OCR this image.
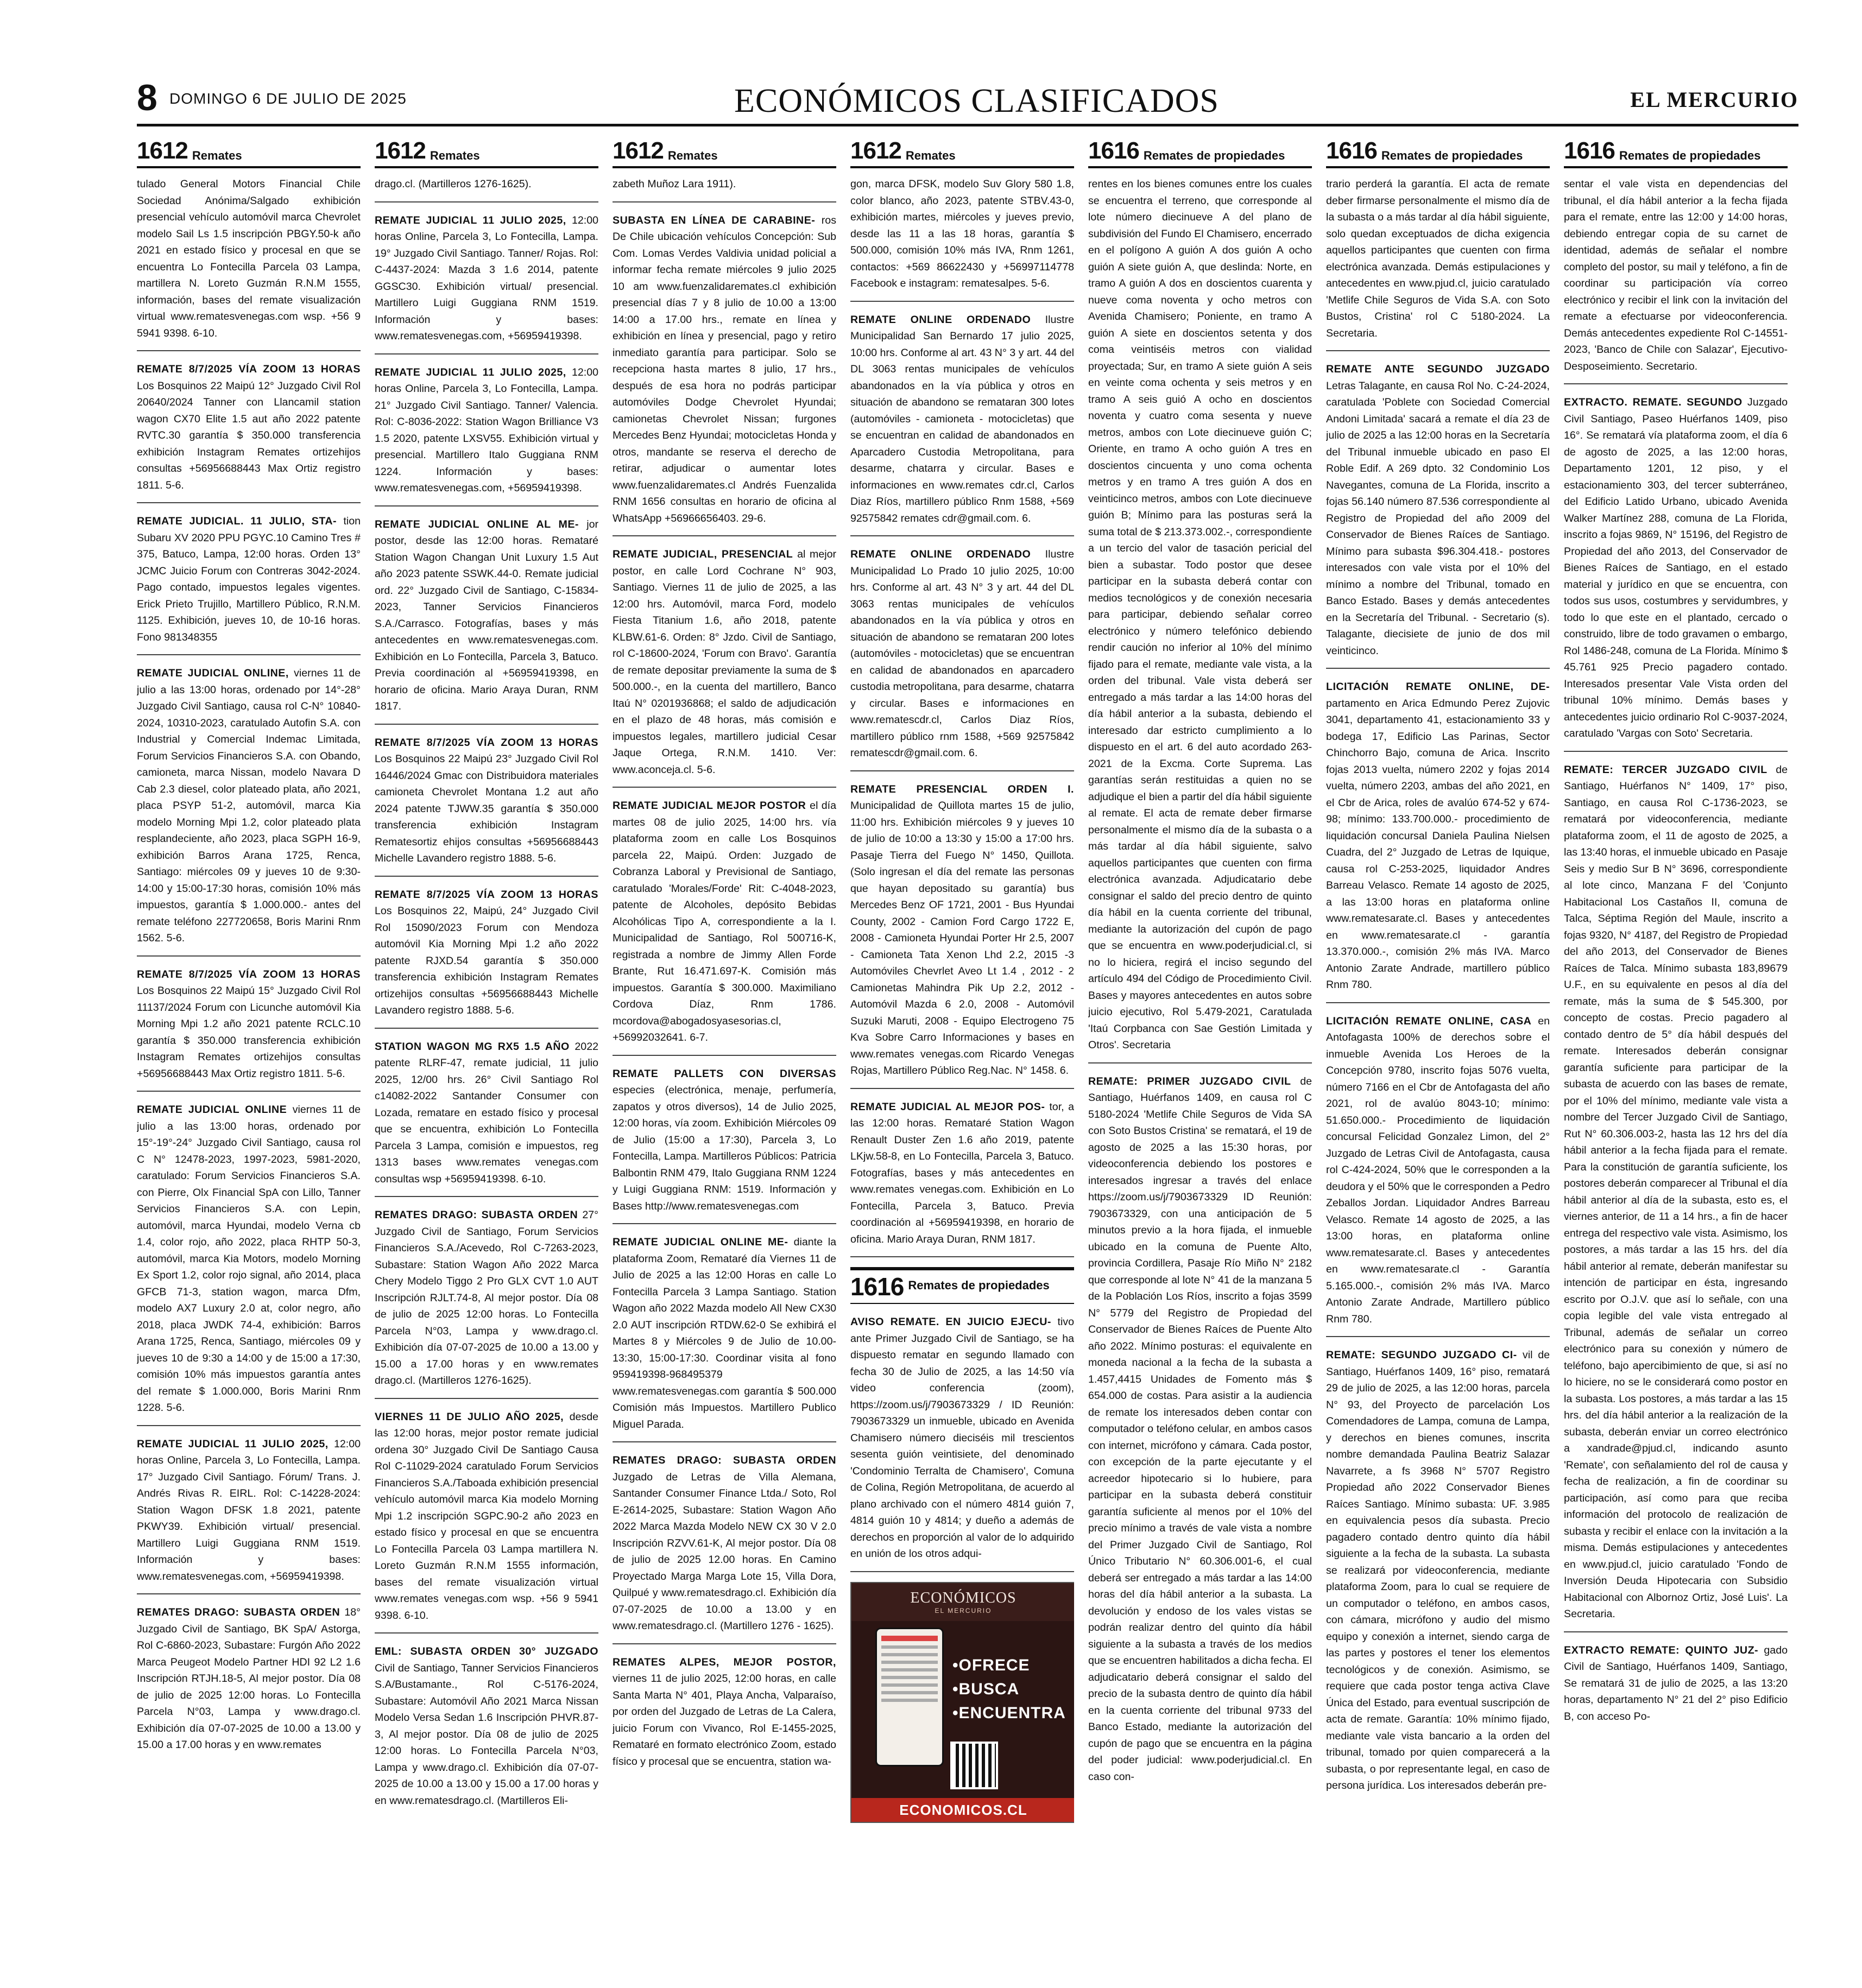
8 DOMINGO 6 DE JULIO DE 2025	ECONÓMICOS CLASIFICADOS	EL MERCURIO
1612 Remates
tulado General Motors Financial Chile Sociedad Anónima/Salgado exhibición presencial vehículo automóvil marca Chevrolet modelo Sail Ls 1.5 inscripción PBGY.50-k año 2021 en estado físico y procesal en que se encuentra Lo Fontecilla Parcela 03 Lampa, martillera N. Loreto Guzmán R.N.M 1555, información, bases del remate visualización virtual www.rematesvenegas.com wsp. +56 9 5941 9398. 6-10.
REMATE 8/7/2025 VÍA ZOOM 13 HORAS Los Bosquinos 22 Maipú 12° Juzgado Civil Rol 20640/2024 Tanner con Llancamil station wagon CX70 Elite 1.5 aut año 2022 patente RVTC.30 garantía $ 350.000 transferencia exhibición Instagram Remates ortizehijos consultas +56956688443 Max Ortiz registro 1811. 5-6.
REMATE JUDICIAL. 11 JULIO, STA- tion Subaru XV 2020 PPU PGYC.10 Camino Tres # 375, Batuco, Lampa, 12:00 horas. Orden 13° JCMC Juicio Forum con Contreras 3042-2024. Pago contado, impuestos legales vigentes. Erick Prieto Trujillo, Martillero Público, R.N.M. 1125. Exhibición, jueves 10, de 10-16 horas. Fono 981348355
REMATE JUDICIAL ONLINE, viernes 11 de julio a las 13:00 horas, ordenado por 14°-28° Juzgado Civil Santiago, causa rol C-N° 10840-2024, 10310-2023, caratulado Autofin S.A. con Industrial y Comercial Indemac Limitada, Forum Servicios Financieros S.A. con Obando, camioneta, marca Nissan, modelo Navara D Cab 2.3 diesel, color plateado plata, año 2021, placa PSYP 51-2, automóvil, marca Kia modelo Morning Mpi 1.2, color plateado plata resplandeciente, año 2023, placa SGPH 16-9, exhibición Barros Arana 1725, Renca, Santiago: miércoles 09 y jueves 10 de 9:30-14:00 y 15:00-17:30 horas, comisión 10% más impuestos, garantía $ 1.000.000.- antes del remate teléfono 227720658, Boris Marini Rnm 1562. 5-6.
REMATE 8/7/2025 VÍA ZOOM 13 HORAS Los Bosquinos 22 Maipú 15° Juzgado Civil Rol 11137/2024 Forum con Licunche automóvil Kia Morning Mpi 1.2 año 2021 patente RCLC.10 garantía $ 350.000 transferencia exhibición Instagram Remates ortizehijos consultas +56956688443 Max Ortiz registro 1811. 5-6.
REMATE JUDICIAL ONLINE viernes 11 de julio a las 13:00 horas, ordenado por 15°-19°-24° Juzgado Civil Santiago, causa rol C N° 12478-2023, 1997-2023, 5981-2020, caratulado: Forum Servicios Financieros S.A. con Pierre, Olx Financial SpA con Lillo, Tanner Servicios Financieros S.A. con Lepin, automóvil, marca Hyundai, modelo Verna cb 1.4, color rojo, año 2022, placa RHTP 50-3, automóvil, marca Kia Motors, modelo Morning Ex Sport 1.2, color rojo signal, año 2014, placa GFCB 71-3, station wagon, marca Dfm, modelo AX7 Luxury 2.0 at, color negro, año 2018, placa JWDK 74-4, exhibición: Barros Arana 1725, Renca, Santiago, miércoles 09 y jueves 10 de 9:30 a 14:00 y de 15:00 a 17:30, comisión 10% más impuestos garantía antes del remate $ 1.000.000, Boris Marini Rnm 1228. 5-6.
REMATE JUDICIAL 11 JULIO 2025, 12:00 horas Online, Parcela 3, Lo Fontecilla, Lampa. 17° Juzgado Civil Santiago. Fórum/ Trans. J. Andrés Rivas R. EIRL. Rol: C-14228-2024: Station Wagon DFSK 1.8 2021, patente PKWY39. Exhibición virtual/ presencial. Martillero Luigi Guggiana RNM 1519. Información y bases: www.rematesvenegas.com, +56959419398.
REMATES DRAGO: SUBASTA ORDEN 18° Juzgado Civil de Santiago, BK SpA/ Astorga, Rol C-6860-2023, Subastare: Furgón Año 2022 Marca Peugeot Modelo Partner HDI 92 L2 1.6 Inscripción RTJH.18-5, Al mejor postor. Día 08 de julio de 2025 12:00 horas. Lo Fontecilla Parcela N°03, Lampa y www.drago.cl. Exhibición día 07-07-2025 de 10.00 a 13.00 y 15.00 a 17.00 horas y en www.remates
1612 Remates
drago.cl. (Martilleros 1276-1625).
REMATE JUDICIAL 11 JULIO 2025, 12:00 horas Online, Parcela 3, Lo Fontecilla, Lampa. 19° Juzgado Civil Santiago. Tanner/ Rojas. Rol: C-4437-2024: Mazda 3 1.6 2014, patente GGSC30. Exhibición virtual/ presencial. Martillero Luigi Guggiana RNM 1519. Información y bases: www.rematesvenegas.com, +56959419398.
REMATE JUDICIAL 11 JULIO 2025, 12:00 horas Online, Parcela 3, Lo Fontecilla, Lampa. 21° Juzgado Civil Santiago. Tanner/ Valencia. Rol: C-8036-2022: Station Wagon Brilliance V3 1.5 2020, patente LXSV55. Exhibición virtual y presencial. Martillero Italo Guggiana RNM 1224. Información y bases: www.rematesvenegas.com, +56959419398.
REMATE JUDICIAL ONLINE AL ME- jor postor, desde las 12:00 horas. Remataré Station Wagon Changan Unit Luxury 1.5 Aut año 2023 patente SSWK.44-0. Remate judicial ord. 22° Juzgado Civil de Santiago, C-15834-2023, Tanner Servicios Financieros S.A./Carrasco. Fotografías, bases y más antecedentes en www.rematesvenegas.com. Exhibición en Lo Fontecilla, Parcela 3, Batuco. Previa coordinación al +56959419398, en horario de oficina. Mario Araya Duran, RNM 1817.
REMATE 8/7/2025 VÍA ZOOM 13 HORAS Los Bosquinos 22 Maipú 23° Juzgado Civil Rol 16446/2024 Gmac con Distribuidora materiales camioneta Chevrolet Montana 1.2 aut año 2024 patente TJWW.35 garantía $ 350.000 transferencia exhibición Instagram Rematesortiz ehijos consultas +56956688443 Michelle Lavandero registro 1888. 5-6.
REMATE 8/7/2025 VÍA ZOOM 13 HORAS Los Bosquinos 22, Maipú, 24° Juzgado Civil Rol 15090/2023 Forum con Mendoza automóvil Kia Morning Mpi 1.2 año 2022 patente RJXD.54 garantía $ 350.000 transferencia exhibición Instagram Remates ortizehijos consultas +56956688443 Michelle Lavandero registro 1888. 5-6.
STATION WAGON MG RX5 1.5 AÑO 2022 patente RLRF-47, remate judicial, 11 julio 2025, 12/00 hrs. 26° Civil Santiago Rol c14082-2022 Santander Consumer con Lozada, rematare en estado físico y procesal que se encuentra, exhibición Lo Fontecilla Parcela 3 Lampa, comisión e impuestos, reg 1313 bases www.remates venegas.com consultas wsp +56959419398. 6-10.
REMATES DRAGO: SUBASTA ORDEN 27° Juzgado Civil de Santiago, Forum Servicios Financieros S.A./Acevedo, Rol C-7263-2023, Subastare: Station Wagon Año 2022 Marca Chery Modelo Tiggo 2 Pro GLX CVT 1.0 AUT Inscripción RJLT.74-8, Al mejor postor. Día 08 de julio de 2025 12:00 horas. Lo Fontecilla Parcela N°03, Lampa y www.drago.cl. Exhibición día 07-07-2025 de 10.00 a 13.00 y 15.00 a 17.00 horas y en www.remates drago.cl. (Martilleros 1276-1625).
VIERNES 11 DE JULIO AÑO 2025, desde las 12:00 horas, mejor postor remate judicial ordena 30° Juzgado Civil De Santiago Causa Rol C-11029-2024 caratulado Forum Servicios Financieros S.A./Taboada exhibición presencial vehículo automóvil marca Kia modelo Morning Mpi 1.2 inscripción SGPC.90-2 año 2023 en estado físico y procesal en que se encuentra Lo Fontecilla Parcela 03 Lampa martillera N. Loreto Guzmán R.N.M 1555 información, bases del remate visualización virtual www.remates venegas.com wsp. +56 9 5941 9398. 6-10.
EML: SUBASTA ORDEN 30° JUZGADO Civil de Santiago, Tanner Servicios Financieros S.A/Bustamante., Rol C-5176-2024, Subastare: Automóvil Año 2021 Marca Nissan Modelo Versa Sedan 1.6 Inscripción PHVR.87-3, Al mejor postor. Día 08 de julio de 2025 12:00 horas. Lo Fontecilla Parcela N°03, Lampa y www.drago.cl. Exhibición día 07-07-2025 de 10.00 a 13.00 y 15.00 a 17.00 horas y en www.rematesdrago.cl. (Martilleros Eli-
1612 Remates
zabeth Muñoz Lara 1911).
SUBASTA EN LÍNEA DE CARABINE- ros De Chile ubicación vehículos Concepción: Sub Com. Lomas Verdes Valdivia unidad policial a informar fecha remate miércoles 9 julio 2025 10 am www.fuenzalidaremates.cl exhibición presencial días 7 y 8 julio de 10.00 a 13:00 14:00 a 17.00 hrs., remate en línea y exhibición en línea y presencial, pago y retiro inmediato garantía para participar. Solo se recepciona hasta martes 8 julio, 17 hrs., después de esa hora no podrás participar automóviles Dodge Chevrolet Hyundai; camionetas Chevrolet Nissan; furgones Mercedes Benz Hyundai; motocicletas Honda y otros, mandante se reserva el derecho de retirar, adjudicar o aumentar lotes www.fuenzalidaremates.cl Andrés Fuenzalida RNM 1656 consultas en horario de oficina al WhatsApp +56966656403. 29-6.
REMATE JUDICIAL, PRESENCIAL al mejor postor, en calle Lord Cochrane N° 903, Santiago. Viernes 11 de julio de 2025, a las 12:00 hrs. Automóvil, marca Ford, modelo Fiesta Titanium 1.6, año 2018, patente KLBW.61-6. Orden: 8° Jzdo. Civil de Santiago, rol C-18600-2024, 'Forum con Bravo'. Garantía de remate depositar previamente la suma de $ 500.000.-, en la cuenta del martillero, Banco Itaú N° 0201936868; el saldo de adjudicación en el plazo de 48 horas, más comisión e impuestos legales, martillero judicial Cesar Jaque Ortega, R.N.M. 1410. Ver: www.aconceja.cl. 5-6.
REMATE JUDICIAL MEJOR POSTOR el día martes 08 de julio 2025, 14:00 hrs. vía plataforma zoom en calle Los Bosquinos parcela 22, Maipú. Orden: Juzgado de Cobranza Laboral y Previsional de Santiago, caratulado 'Morales/Forde' Rit: C-4048-2023, patente de Alcoholes, depósito Bebidas Alcohólicas Tipo A, correspondiente a la I. Municipalidad de Santiago, Rol 500716-K, registrada a nombre de Jimmy Allen Forde Brante, Rut 16.471.697-K. Comisión más impuestos. Garantía $ 300.000. Maximiliano Cordova Díaz, Rnm 1786. mcordova@abogadosyasesorias.cl, +56992032641. 6-7.
REMATE PALLETS CON DIVERSAS especies (electrónica, menaje, perfumería, zapatos y otros diversos), 14 de Julio 2025, 12:00 horas, vía zoom. Exhibición Miércoles 09 de Julio (15:00 a 17:30), Parcela 3, Lo Fontecilla, Lampa. Martilleros Públicos: Patricia Balbontin RNM 479, Italo Guggiana RNM 1224 y Luigi Guggiana RNM: 1519. Información y Bases http://www.rematesvenegas.com
REMATE JUDICIAL ONLINE ME- diante la plataforma Zoom, Remataré día Viernes 11 de Julio de 2025 a las 12:00 Horas en calle Lo Fontecilla Parcela 3 Lampa Santiago. Station Wagon año 2022 Mazda modelo All New CX30 2.0 AUT inscripción RTDW.62-0 Se exhibirá el Martes 8 y Miércoles 9 de Julio de 10.00-13:30, 15:00-17:30. Coordinar visita al fono 959419398-968495379 www.rematesvenegas.com garantía $ 500.000 Comisión más Impuestos. Martillero Publico Miguel Parada.
REMATES DRAGO: SUBASTA ORDEN Juzgado de Letras de Villa Alemana, Santander Consumer Finance Ltda./ Soto, Rol E-2614-2025, Subastare: Station Wagon Año 2022 Marca Mazda Modelo NEW CX 30 V 2.0 Inscripción RZVV.61-K, Al mejor postor. Día 08 de julio de 2025 12.00 horas. En Camino Proyectado Marga Marga Lote 15, Villa Dora, Quilpué y www.rematesdrago.cl. Exhibición día 07-07-2025 de 10.00 a 13.00 y en www.rematesdrago.cl. (Martillero 1276 - 1625).
REMATES ALPES, MEJOR POSTOR, viernes 11 de julio 2025, 12:00 horas, en calle Santa Marta N° 401, Playa Ancha, Valparaíso, por orden del Juzgado de Letras de La Calera, juicio Forum con Vivanco, Rol E-1455-2025, Remataré en formato electrónico Zoom, estado físico y procesal que se encuentra, station wa-
1612 Remates
gon, marca DFSK, modelo Suv Glory 580 1.8, color blanco, año 2023, patente STBV.43-0, exhibición martes, miércoles y jueves previo, desde las 11 a las 18 horas, garantía $ 500.000, comisión 10% más IVA, Rnm 1261, contactos: +569 86622430 y +56997114778 Facebook e instagram: rematesalpes. 5-6.
REMATE ONLINE ORDENADO Ilustre Municipalidad San Bernardo 17 julio 2025, 10:00 hrs. Conforme al art. 43 N° 3 y art. 44 del DL 3063 rentas municipales de vehículos abandonados en la vía pública y otros en situación de abandono se remataran 300 lotes (automóviles - camioneta - motocicletas) que se encuentran en calidad de abandonados en Aparcadero Custodia Metropolitana, para desarme, chatarra y circular. Bases e informaciones en www.remates cdr.cl, Carlos Diaz Ríos, martillero público Rnm 1588, +569 92575842 remates cdr@gmail.com. 6.
REMATE ONLINE ORDENADO Ilustre Municipalidad Lo Prado 10 julio 2025, 10:00 hrs. Conforme al art. 43 N° 3 y art. 44 del DL 3063 rentas municipales de vehículos abandonados en la vía pública y otros en situación de abandono se remataran 200 lotes (automóviles - motocicletas) que se encuentran en calidad de abandonados en aparcadero custodia metropolitana, para desarme, chatarra y circular. Bases e informaciones en www.rematescdr.cl, Carlos Diaz Ríos, martillero público rnm 1588, +569 92575842 rematescdr@gmail.com. 6.
REMATE PRESENCIAL ORDEN I. Municipalidad de Quillota martes 15 de julio, 11:00 hrs. Exhibición miércoles 9 y jueves 10 de julio de 10:00 a 13:30 y 15:00 a 17:00 hrs. Pasaje Tierra del Fuego N° 1450, Quillota. (Solo ingresan el día del remate las personas que hayan depositado su garantía) bus Mercedes Benz OF 1721, 2001 - Bus Hyundai County, 2002 - Camion Ford Cargo 1722 E, 2008 - Camioneta Hyundai Porter Hr 2.5, 2007 - Camioneta Tata Xenon Lhd 2.2, 2015 -3 Automóviles Chevrlet Aveo Lt 1.4 , 2012 - 2 Camionetas Mahindra Pik Up 2.2, 2012 -Automóvil Mazda 6 2.0, 2008 - Automóvil Suzuki Maruti, 2008 - Equipo Electrogeno 75 Kva Sobre Carro Informaciones y bases en www.remates venegas.com Ricardo Venegas Rojas, Martillero Público Reg.Nac. N° 1458. 6.
REMATE JUDICIAL AL MEJOR POS- tor, a las 12:00 horas. Remataré Station Wagon Renault Duster Zen 1.6 año 2019, patente LKjw.58-8, en Lo Fontecilla, Parcela 3, Batuco. Fotografías, bases y más antecedentes en www.remates venegas.com. Exhibición en Lo Fontecilla, Parcela 3, Batuco. Previa coordinación al +56959419398, en horario de oficina. Mario Araya Duran, RNM 1817.
1616 Remates de propiedades
AVISO REMATE. EN JUICIO EJECU- tivo ante Primer Juzgado Civil de Santiago, se ha dispuesto rematar en segundo llamado con fecha 30 de Julio de 2025, a las 14:50 vía video conferencia (zoom), https://zoom.us/j/7903673329 / ID Reunión: 7903673329 un inmueble, ubicado en Avenida Chamisero número dieciséis mil trescientos sesenta guión veintisiete, del denominado 'Condominio Terralta de Chamisero', Comuna de Colina, Región Metropolitana, de acuerdo al plano archivado con el número 4814 guión 7, 4814 guión 10 y 4814; y dueño a además de derechos en proporción al valor de lo adquirido en unión de los otros adqui-
ECONÓMICOS
EL MERCURIO
•OFRECE
•BUSCA
•ENCUENTRA
ECONOMICOS.CL
1616 Remates de propiedades
rentes en los bienes comunes entre los cuales se encuentra el terreno, que corresponde al lote número diecinueve A del plano de subdivisión del Fundo El Chamisero, encerrado en el polígono A guión A dos guión A ocho guión A siete guión A, que deslinda: Norte, en tramo A guión A dos en doscientos cuarenta y nueve coma noventa y ocho metros con Avenida Chamisero; Poniente, en tramo A guión A siete en doscientos setenta y dos coma veintiséis metros con vialidad proyectada; Sur, en tramo A siete guión A seis en veinte coma ochenta y seis metros y en tramo A seis guió A ocho en doscientos noventa y cuatro coma sesenta y nueve metros, ambos con Lote diecinueve guión C; Oriente, en tramo A ocho guión A tres en doscientos cincuenta y uno coma ochenta metros y en tramo A tres guión A dos en veinticinco metros, ambos con Lote diecinueve guión B; Mínimo para las posturas será la suma total de $ 213.373.002.-, correspondiente a un tercio del valor de tasación pericial del bien a subastar. Todo postor que desee participar en la subasta deberá contar con medios tecnológicos y de conexión necesaria para participar, debiendo señalar correo electrónico y número telefónico debiendo rendir caución no inferior al 10% del mínimo fijado para el remate, mediante vale vista, a la orden del tribunal. Vale vista deberá ser entregado a más tardar a las 14:00 horas del día hábil anterior a la subasta, debiendo el interesado dar estricto cumplimiento a lo dispuesto en el art. 6 del auto acordado 263-2021 de la Excma. Corte Suprema. Las garantías serán restituidas a quien no se adjudique el bien a partir del día hábil siguiente al remate. El acta de remate deber firmarse personalmente el mismo día de la subasta o a más tardar al día hábil siguiente, salvo aquellos participantes que cuenten con firma electrónica avanzada. Adjudicatario debe consignar el saldo del precio dentro de quinto día hábil en la cuenta corriente del tribunal, mediante la autorización del cupón de pago que se encuentra en www.poderjudicial.cl, si no lo hiciera, regirá el inciso segundo del artículo 494 del Código de Procedimiento Civil. Bases y mayores antecedentes en autos sobre juicio ejecutivo, Rol 5.479-2021, Caratulada 'Itaú Corpbanca con Sae Gestión Limitada y Otros'. Secretaria
REMATE: PRIMER JUZGADO CIVIL de Santiago, Huérfanos 1409, en causa rol C 5180-2024 'Metlife Chile Seguros de Vida SA con Soto Bustos Cristina' se rematará, el 19 de agosto de 2025 a las 15:30 horas, por videoconferencia debiendo los postores e interesados ingresar a través del enlace https://zoom.us/j/7903673329 ID Reunión: 7903673329, con una anticipación de 5 minutos previo a la hora fijada, el inmueble ubicado en la comuna de Puente Alto, provincia Cordillera, Pasaje Río Miño N° 2182 que corresponde al lote N° 41 de la manzana 5 de la Población Los Ríos, inscrito a fojas 3599 N° 5779 del Registro de Propiedad del Conservador de Bienes Raíces de Puente Alto año 2022. Mínimo posturas: el equivalente en moneda nacional a la fecha de la subasta a 1.457,4415 Unidades de Fomento más $ 654.000 de costas. Para asistir a la audiencia de remate los interesados deben contar con computador o teléfono celular, en ambos casos con internet, micrófono y cámara. Cada postor, con excepción de la parte ejecutante y el acreedor hipotecario si lo hubiere, para participar en la subasta deberá constituir garantía suficiente al menos por el 10% del precio mínimo a través de vale vista a nombre del Primer Juzgado Civil de Santiago, Rol Único Tributario N° 60.306.001-6, el cual deberá ser entregado a más tardar a las 14:00 horas del día hábil anterior a la subasta. La devolución y endoso de los vales vistas se podrán realizar dentro del quinto día hábil siguiente a la subasta a través de los medios que se encuentren habilitados a dicha fecha. El adjudicatario deberá consignar el saldo del precio de la subasta dentro de quinto día hábil en la cuenta corriente del tribunal 9733 del Banco Estado, mediante la autorización del cupón de pago que se encuentra en la página del poder judicial: www.poderjudicial.cl. En caso con-
1616 Remates de propiedades
trario perderá la garantía. El acta de remate deber firmarse personalmente el mismo día de la subasta o a más tardar al día hábil siguiente, solo quedan exceptuados de dicha exigencia aquellos participantes que cuenten con firma electrónica avanzada. Demás estipulaciones y antecedentes en www.pjud.cl, juicio caratulado 'Metlife Chile Seguros de Vida S.A. con Soto Bustos, Cristina' rol C 5180-2024. La Secretaria.
REMATE ANTE SEGUNDO JUZGADO Letras Talagante, en causa Rol No. C-24-2024, caratulada 'Poblete con Sociedad Comercial Andoni Limitada' sacará a remate el día 23 de julio de 2025 a las 12:00 horas en la Secretaría del Tribunal inmueble ubicado en paso El Roble Edif. A 269 dpto. 32 Condominio Los Navegantes, comuna de La Florida, inscrito a fojas 56.140 número 87.536 correspondiente al Registro de Propiedad del año 2009 del Conservador de Bienes Raíces de Santiago. Mínimo para subasta $96.304.418.- postores interesados con vale vista por el 10% del mínimo a nombre del Tribunal, tomado en Banco Estado. Bases y demás antecedentes en la Secretaría del Tribunal. - Secretario (s). Talagante, diecisiete de junio de dos mil veinticinco.
LICITACIÓN REMATE ONLINE, DE- partamento en Arica Edmundo Perez Zujovic 3041, departamento 41, estacionamiento 33 y bodega 17, Edificio Las Parinas, Sector Chinchorro Bajo, comuna de Arica. Inscrito fojas 2013 vuelta, número 2202 y fojas 2014 vuelta, número 2203, ambas del año 2021, en el Cbr de Arica, roles de avalúo 674-52 y 674-98; mínimo: 133.700.000.- procedimiento de liquidación concursal Daniela Paulina Nielsen Cuadra, del 2° Juzgado de Letras de Iquique, causa rol C-253-2025, liquidador Andres Barreau Velasco. Remate 14 agosto de 2025, a las 13:00 horas en plataforma online www.rematesarate.cl. Bases y antecedentes en www.rematesarate.cl - garantía 13.370.000.-, comisión 2% más IVA. Marco Antonio Zarate Andrade, martillero público Rnm 780.
LICITACIÓN REMATE ONLINE, CASA en Antofagasta 100% de derechos sobre el inmueble Avenida Los Heroes de la Concepción 9780, inscrito fojas 5076 vuelta, número 7166 en el Cbr de Antofagasta del año 2021, rol de avalúo 8043-10; mínimo: 51.650.000.- Procedimiento de liquidación concursal Felicidad Gonzalez Limon, del 2° Juzgado de Letras Civil de Antofagasta, causa rol C-424-2024, 50% que le corresponden a la deudora y el 50% que le corresponden a Pedro Zeballos Jordan. Liquidador Andres Barreau Velasco. Remate 14 agosto de 2025, a las 13:00 horas, en plataforma online www.rematesarate.cl. Bases y antecedentes en www.rematesarate.cl - Garantía 5.165.000.-, comisión 2% más IVA. Marco Antonio Zarate Andrade, Martillero público Rnm 780.
REMATE: SEGUNDO JUZGADO CI- vil de Santiago, Huérfanos 1409, 16° piso, rematará 29 de julio de 2025, a las 12:00 horas, parcela N° 93, del Proyecto de parcelación Los Comendadores de Lampa, comuna de Lampa, y derechos en bienes comunes, inscrita nombre demandada Paulina Beatriz Salazar Navarrete, a fs 3968 N° 5707 Registro Propiedad año 2022 Conservador Bienes Raíces Santiago. Mínimo subasta: UF. 3.985 en equivalencia pesos día subasta. Precio pagadero contado dentro quinto día hábil siguiente a la fecha de la subasta. La subasta se realizará por videoconferencia, mediante plataforma Zoom, para lo cual se requiere de un computador o teléfono, en ambos casos, con cámara, micrófono y audio del mismo equipo y conexión a internet, siendo carga de las partes y postores el tener los elementos tecnológicos y de conexión. Asimismo, se requiere que cada postor tenga activa Clave Única del Estado, para eventual suscripción de acta de remate. Garantía: 10% mínimo fijado, mediante vale vista bancario a la orden del tribunal, tomado por quien comparecerá a la subasta, o por representante legal, en caso de persona jurídica. Los interesados deberán pre-
1616 Remates de propiedades
sentar el vale vista en dependencias del tribunal, el día hábil anterior a la fecha fijada para el remate, entre las 12:00 y 14:00 horas, debiendo entregar copia de su carnet de identidad, además de señalar el nombre completo del postor, su mail y teléfono, a fin de coordinar su participación vía correo electrónico y recibir el link con la invitación del remate a efectuarse por videoconferencia. Demás antecedentes expediente Rol C-14551-2023, 'Banco de Chile con Salazar', Ejecutivo- Desposeimiento. Secretario.
EXTRACTO. REMATE. SEGUNDO Juzgado Civil Santiago, Paseo Huérfanos 1409, piso 16°. Se rematará vía plataforma zoom, el día 6 de agosto de 2025, a las 12:00 horas, Departamento 1201, 12 piso, y el estacionamiento 303, del tercer subterráneo, del Edificio Latido Urbano, ubicado Avenida Walker Martínez 288, comuna de La Florida, inscrito a fojas 9869, N° 15196, del Registro de Propiedad del año 2013, del Conservador de Bienes Raíces de Santiago, en el estado material y jurídico en que se encuentra, con todos sus usos, costumbres y servidumbres, y todo lo que este en el plantado, cercado o construido, libre de todo gravamen o embargo, Rol 1486-248, comuna de La Florida. Mínimo $ 45.761 925 Precio pagadero contado. Interesados presentar Vale Vista orden del tribunal 10% mínimo. Demás bases y antecedentes juicio ordinario Rol C-9037-2024, caratulado 'Vargas con Soto' Secretaria.
REMATE: TERCER JUZGADO CIVIL de Santiago, Huérfanos N° 1409, 17° piso, Santiago, en causa Rol C-1736-2023, se rematará por videoconferencia, mediante plataforma zoom, el 11 de agosto de 2025, a las 13:40 horas, el inmueble ubicado en Pasaje Seis y medio Sur B N° 3696, correspondiente al lote cinco, Manzana F del 'Conjunto Habitacional Los Castaños II, comuna de Talca, Séptima Región del Maule, inscrito a fojas 9320, N° 4187, del Registro de Propiedad del año 2013, del Conservador de Bienes Raíces de Talca. Mínimo subasta 183,89679 U.F., en su equivalente en pesos al día del remate, más la suma de $ 545.300, por concepto de costas. Precio pagadero al contado dentro de 5° día hábil después del remate. Interesados deberán consignar garantía suficiente para participar de la subasta de acuerdo con las bases de remate, por el 10% del mínimo, mediante vale vista a nombre del Tercer Juzgado Civil de Santiago, Rut N° 60.306.003-2, hasta las 12 hrs del día hábil anterior a la fecha fijada para el remate. Para la constitución de garantía suficiente, los postores deberán comparecer al Tribunal el día hábil anterior al día de la subasta, esto es, el viernes anterior, de 11 a 14 hrs., a fin de hacer entrega del respectivo vale vista. Asimismo, los postores, a más tardar a las 15 hrs. del día hábil anterior al remate, deberán manifestar su intención de participar en ésta, ingresando escrito por O.J.V. que así lo señale, con una copia legible del vale vista entregado al Tribunal, además de señalar un correo electrónico para su conexión y número de teléfono, bajo apercibimiento de que, si así no lo hiciere, no se le considerará como postor en la subasta. Los postores, a más tardar a las 15 hrs. del día hábil anterior a la realización de la subasta, deberán enviar un correo electrónico a xandrade@pjud.cl, indicando asunto 'Remate', con señalamiento del rol de causa y fecha de realización, a fin de coordinar su participación, así como para que reciba información del protocolo de realización de subasta y recibir el enlace con la invitación a la misma. Demás estipulaciones y antecedentes en www.pjud.cl, juicio caratulado 'Fondo de Inversión Deuda Hipotecaria con Subsidio Habitacional con Albornoz Ortiz, José Luis'. La Secretaria.
EXTRACTO REMATE: QUINTO JUZ- gado Civil de Santiago, Huérfanos 1409, Santiago, Se rematará 31 de julio de 2025, a las 13:20 horas, departamento N° 21 del 2° piso Edificio B, con acceso Po-
